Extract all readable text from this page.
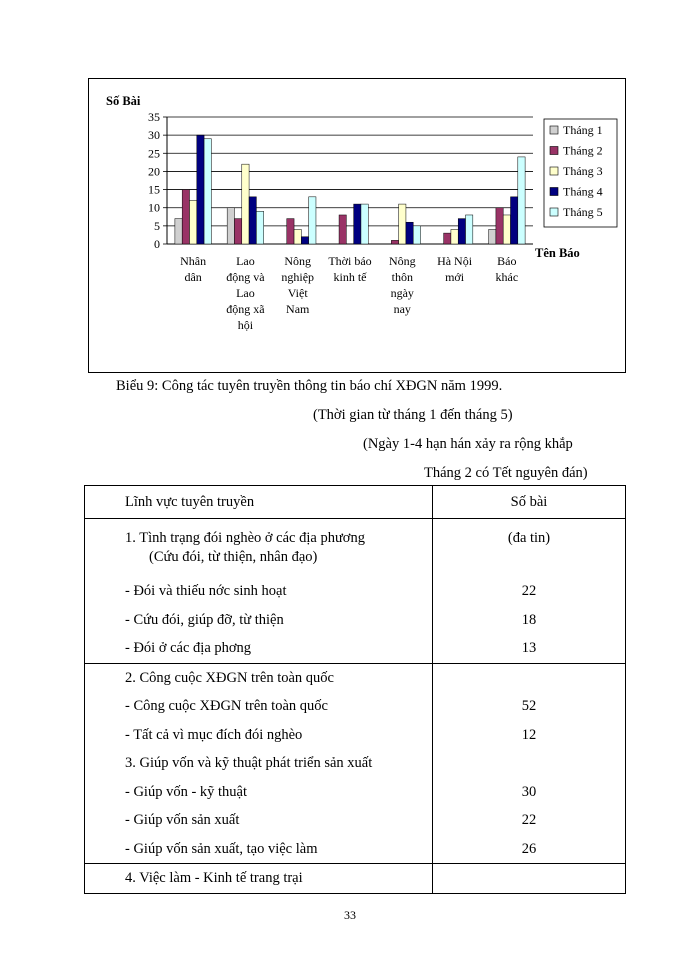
0
5
10
15
20
25
30
35
Số Bài
Tên Báo
Nhân
dân
Lao
động và
Lao
động xã
hội
Nông
nghiệp
Việt
Nam
Thời báo
kinh tế
Nông
thôn
ngày
nay
Hà Nội
mới
Báo
khác
Tháng 1
Tháng 2
Tháng 3
Tháng 4
Tháng 5
Biểu 9: Công tác tuyên truyền thông tin báo chí XĐGN năm 1999.
(Thời gian từ tháng 1 đến tháng 5)
(Ngày 1-4 hạn hán xảy ra rộng khắp
Tháng 2 có Tết nguyên đán)
Lĩnh vực tuyên truyền	Số bài

1. Tình trạng đói nghèo ở các địa phương
(Cứu đói, từ thiện, nhân đạo)	(đa tin)

- Đói và thiếu nớc sinh hoạt	22
- Cứu đói, giúp đỡ, từ thiện	18
- Đói ở các địa phơng	13
2. Công cuộc XĐGN trên toàn quốc	
- Công cuộc XĐGN trên toàn quốc	52
- Tất cả vì mục đích đói nghèo	12
3. Giúp vốn và kỹ thuật phát triển sản xuất	
- Giúp vốn - kỹ thuật	30
- Giúp vốn sản xuất	22
- Giúp vốn sản xuất, tạo việc làm	26
4. Việc làm - Kinh tế trang trại	
33
